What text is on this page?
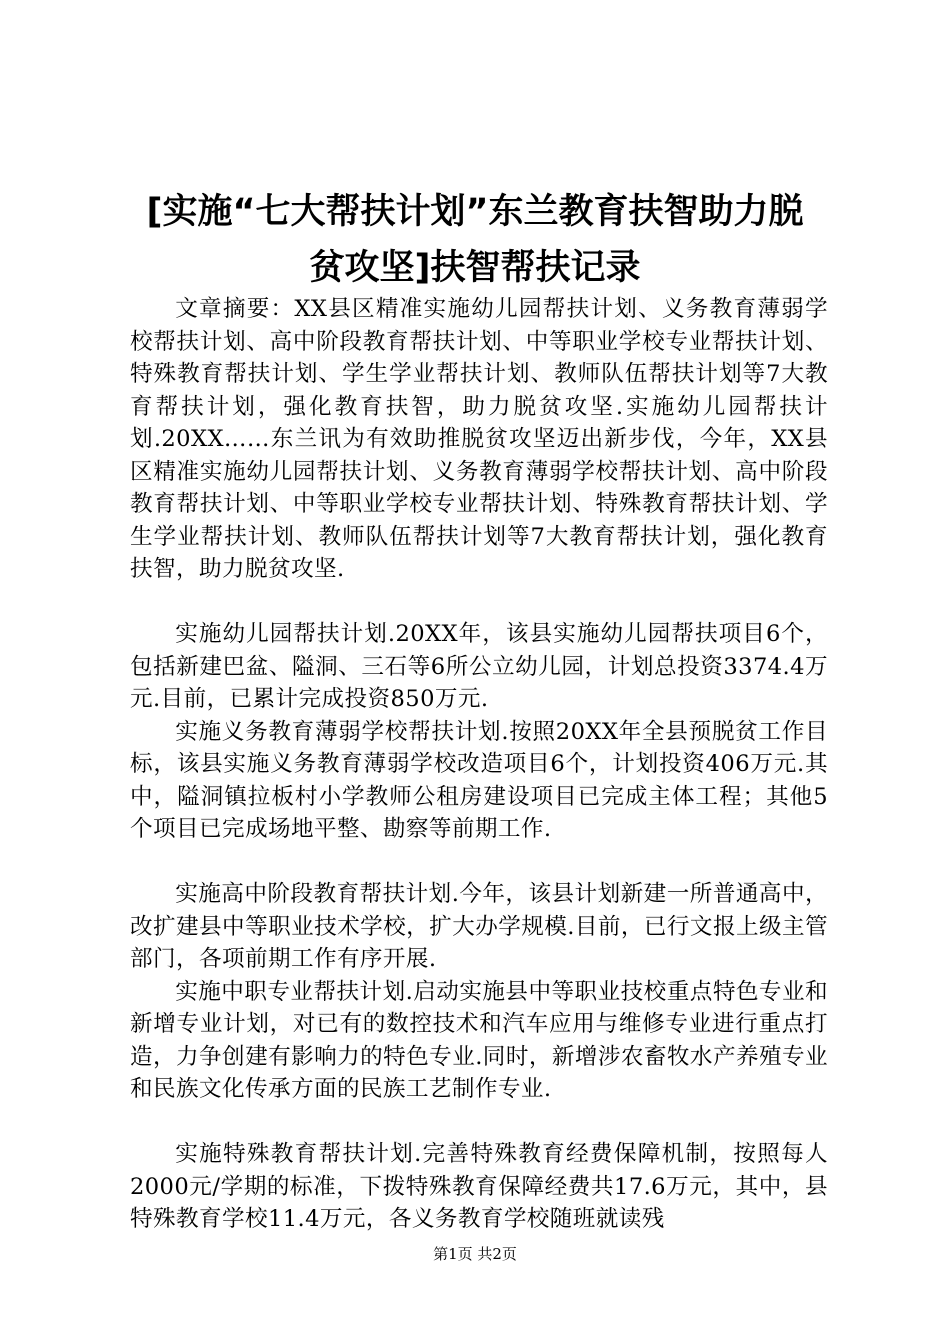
[实施“七大帮扶计划”东兰教育扶智助力脱
贫攻坚]扶智帮扶记录

文章摘要：XX县区精准实施幼儿园帮扶计划、义务教育薄弱学校帮扶计划、高中阶段教育帮扶计划、中等职业学校专业帮扶计划、特殊教育帮扶计划、学生学业帮扶计划、教师队伍帮扶计划等7大教育帮扶计划，强化教育扶智，助力脱贫攻坚.实施幼儿园帮扶计划.20XX……东兰讯为有效助推脱贫攻坚迈出新步伐，今年，XX县区精准实施幼儿园帮扶计划、义务教育薄弱学校帮扶计划、高中阶段教育帮扶计划、中等职业学校专业帮扶计划、特殊教育帮扶计划、学生学业帮扶计划、教师队伍帮扶计划等7大教育帮扶计划，强化教育扶智，助力脱贫攻坚.

实施幼儿园帮扶计划.20XX年，该县实施幼儿园帮扶项目6个，包括新建巴盆、隘洞、三石等6所公立幼儿园，计划总投资3374.4万元.目前，已累计完成投资850万元.

实施义务教育薄弱学校帮扶计划.按照20XX年全县预脱贫工作目标，该县实施义务教育薄弱学校改造项目6个，计划投资406万元.其中，隘洞镇拉板村小学教师公租房建设项目已完成主体工程；其他5个项目已完成场地平整、勘察等前期工作.

实施高中阶段教育帮扶计划.今年，该县计划新建一所普通高中，改扩建县中等职业技术学校，扩大办学规模.目前，已行文报上级主管部门，各项前期工作有序开展.

实施中职专业帮扶计划.启动实施县中等职业技校重点特色专业和新增专业计划，对已有的数控技术和汽车应用与维修专业进行重点打造，力争创建有影响力的特色专业.同时，新增涉农畜牧水产养殖专业和民族文化传承方面的民族工艺制作专业.

实施特殊教育帮扶计划.完善特殊教育经费保障机制，按照每人2000元/学期的标准，下拨特殊教育保障经费共17.6万元，其中，县特殊教育学校11.4万元，各义务教育学校随班就读残

第1页 共2页
